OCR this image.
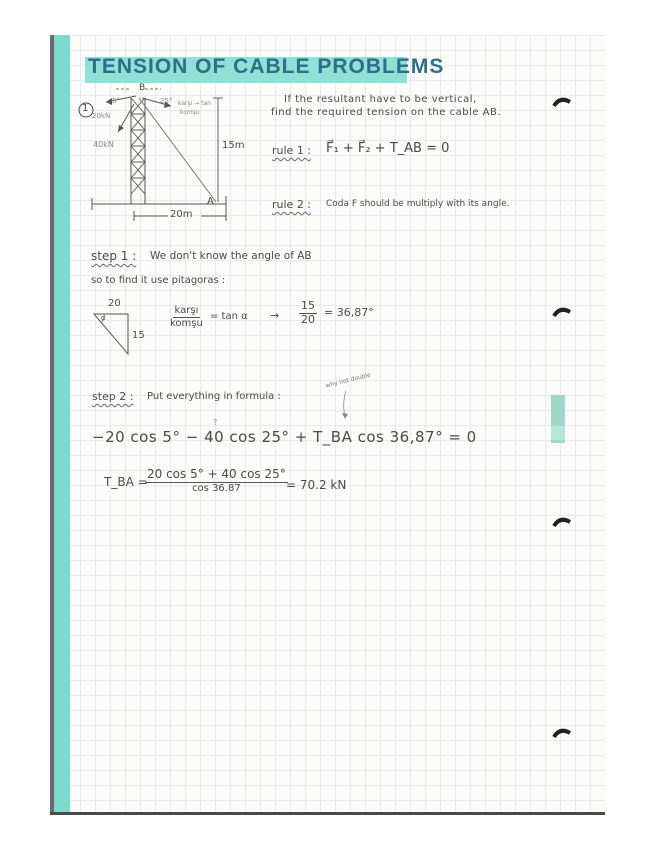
TENSION OF CABLE PROBLEMS
1
B
A
20kN
5°
40kN
25° karşı → tan
komşu
15m
20m
If the resultant have to be vertical,
find the required tension on the cable AB.
rule 1 : F⃗₁ + F⃗₂ + T_AB = 0
rule 2 : Coda F should be multiply with its angle.
step 1 : We don't know the angle of AB
so to find it use pitagoras :
20
15
α	$\frac{\text{karşı}}{\text{komşu}} = \tan \alpha \to \frac{15}{20} = 36,87^\circ$
why not double
step 2 : Put everything in formula :
?
−20 cos 5° − 40 cos 25° + T_BA cos 36,87° = 0
T_BA =
$\frac{20 \cos 5^\circ + 40 \cos 25^\circ}{\cos 36.87}$
= 70.2 kN
